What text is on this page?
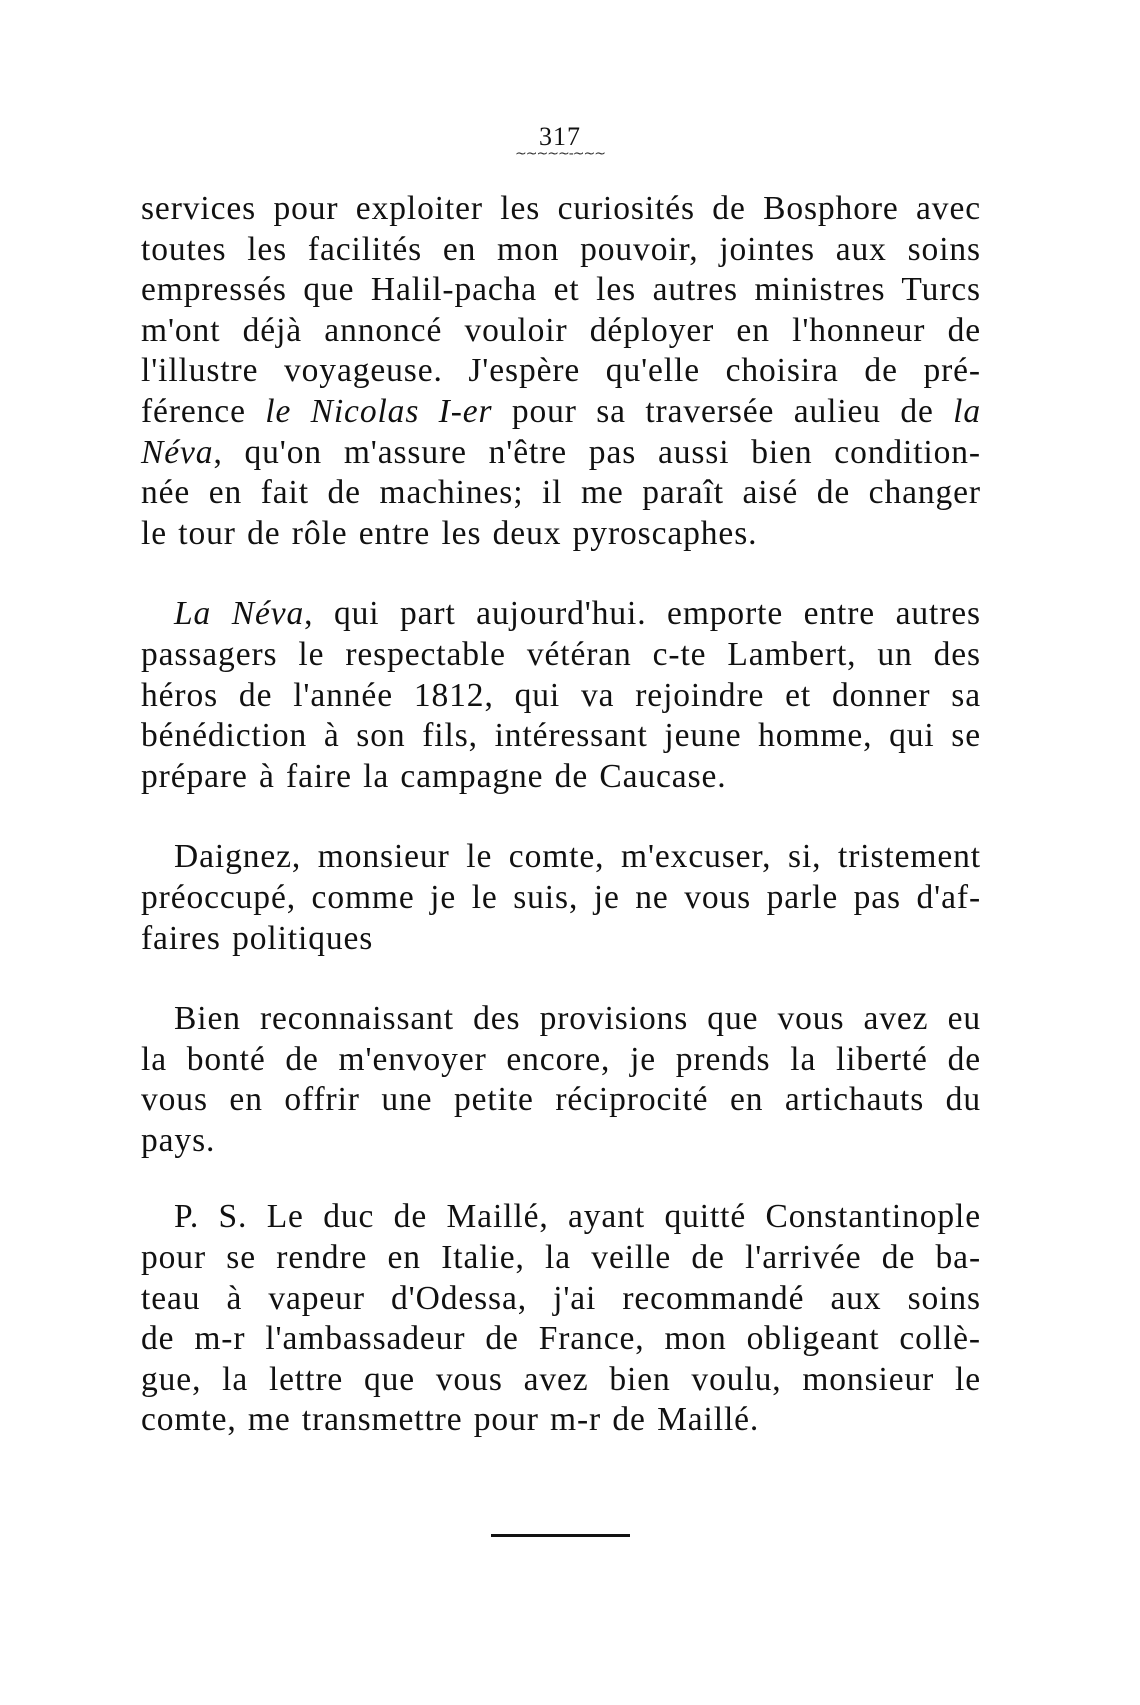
317
~~~~~-~~~
services pour exploiter les curiosités de Bosphore avec
toutes les facilités en mon pouvoir, jointes aux soins
empressés que Halil-pacha et les autres ministres Turcs
m'ont déjà annoncé vouloir déployer en l'honneur de
l'illustre voyageuse. J'espère qu'elle choisira de pré-
férence le Nicolas I-er pour sa traversée aulieu de la
Néva, qu'on m'assure n'être pas aussi bien condition-
née en fait de machines; il me paraît aisé de changer
le tour de rôle entre les deux pyroscaphes.
La Néva, qui part aujourd'hui. emporte entre autres
passagers le respectable vétéran c-te Lambert, un des
héros de l'année 1812, qui va rejoindre et donner sa
bénédiction à son fils, intéressant jeune homme, qui se
prépare à faire la campagne de Caucase.
Daignez, monsieur le comte, m'excuser, si, tristement
préoccupé, comme je le suis, je ne vous parle pas d'af-
faires politiques
Bien reconnaissant des provisions que vous avez eu
la bonté de m'envoyer encore, je prends la liberté de
vous en offrir une petite réciprocité en artichauts du
pays.
P. S. Le duc de Maillé, ayant quitté Constantinople
pour se rendre en Italie, la veille de l'arrivée de ba-
teau à vapeur d'Odessa, j'ai recommandé aux soins
de m-r l'ambassadeur de France, mon obligeant collè-
gue, la lettre que vous avez bien voulu, monsieur le
comte, me transmettre pour m-r de Maillé.
